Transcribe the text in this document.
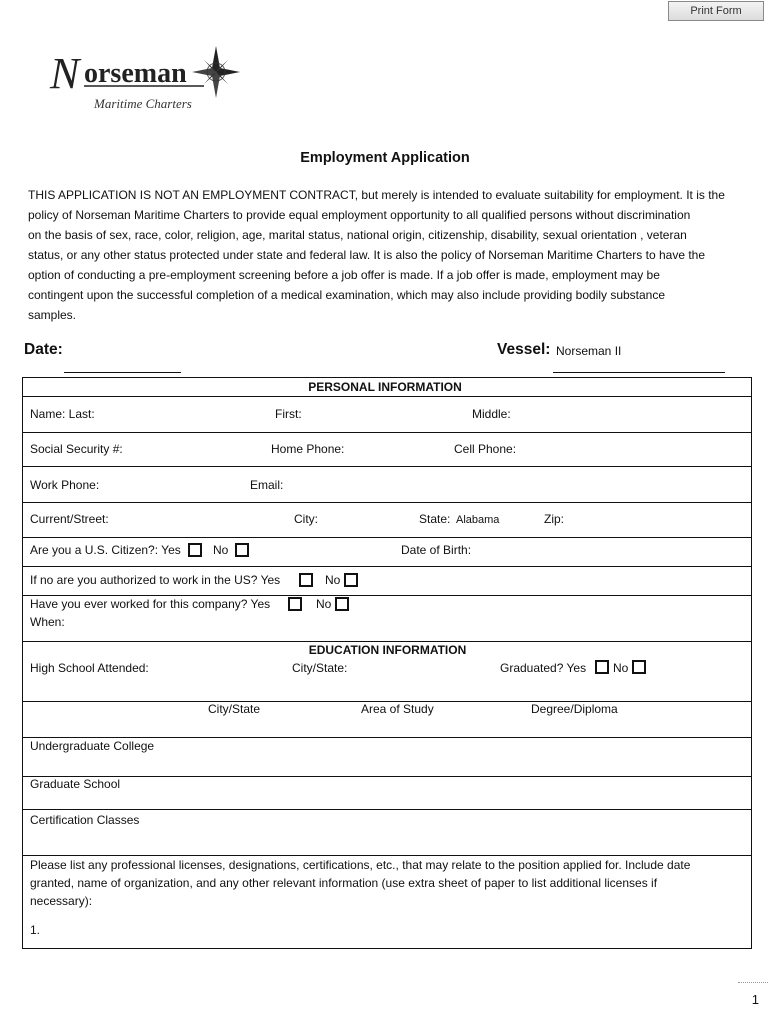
Print Form
N orseman
Maritime Charters
Employment Application
THIS APPLICATION IS NOT AN EMPLOYMENT CONTRACT, but merely is intended to evaluate suitability for employment. It is the
policy of Norseman Maritime Charters to provide equal employment opportunity to all qualified persons without discrimination
on the basis of sex, race, color, religion, age, marital status, national origin, citizenship, disability, sexual orientation , veteran
status, or any other status protected under state and federal law. It is also the policy of Norseman Maritime Charters to have the
option of conducting a pre-employment screening before a job offer is made. If a job offer is made, employment may be
contingent upon the successful completion of a medical examination, which may also include providing bodily substance
samples.
Date:	Vessel: Norseman II
PERSONAL INFORMATION
Name: Last:	First:	Middle:
Social Security #:	Home Phone:	Cell Phone:
Work Phone:	Email:
Current/Street:	City:	State: Alabama	Zip:
Are you a U.S. Citizen?: Yes	No	Date of Birth:
If no are you authorized to work in the US? Yes	No
Have you ever worked for this company? Yes	No
When:
EDUCATION INFORMATION
High School Attended:	City/State:	Graduated? Yes No
City/State	Area of Study	Degree/Diploma
Undergraduate College
Graduate School
Certification Classes
Please list any professional licenses, designations, certifications, etc., that may relate to the position applied for. Include date
granted, name of organization, and any other relevant information (use extra sheet of paper to list additional licenses if
necessary):
1.
1
